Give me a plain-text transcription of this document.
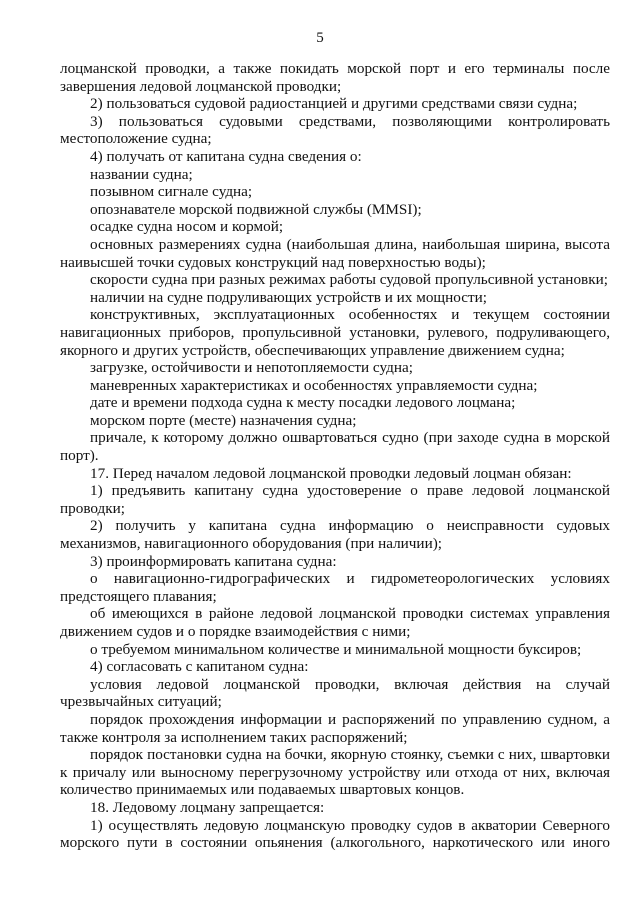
5

лоцманской проводки, а также покидать морской порт и его терминалы после завершения ледовой лоцманской проводки;

2) пользоваться судовой радиостанцией и другими средствами связи судна;

3) пользоваться судовыми средствами, позволяющими контролировать местоположение судна;

4) получать от капитана судна сведения о:

названии судна;

позывном сигнале судна;

опознавателе морской подвижной службы (MMSI);

осадке судна носом и кормой;

основных размерениях судна (наибольшая длина, наибольшая ширина, высота наивысшей точки судовых конструкций над поверхностью воды);

скорости судна при разных режимах работы судовой пропульсивной установки;

наличии на судне подруливающих устройств и их мощности;

конструктивных, эксплуатационных особенностях и текущем состоянии навигационных приборов, пропульсивной установки, рулевого, подруливающего, якорного и других устройств, обеспечивающих управление движением судна;

загрузке, остойчивости и непотопляемости судна;

маневренных характеристиках и особенностях управляемости судна;

дате и времени подхода судна к месту посадки ледового лоцмана;

морском порте (месте) назначения судна;

причале, к которому должно ошвартоваться судно (при заходе судна в морской порт).

17. Перед началом ледовой лоцманской проводки ледовый лоцман обязан:

1) предъявить капитану судна удостоверение о праве ледовой лоцманской проводки;

2) получить у капитана судна информацию о неисправности судовых механизмов, навигационного оборудования (при наличии);

3) проинформировать капитана судна:

о навигационно-гидрографических и гидрометеорологических условиях предстоящего плавания;

об имеющихся в районе ледовой лоцманской проводки системах управления движением судов и о порядке взаимодействия с ними;

о требуемом минимальном количестве и минимальной мощности буксиров;

4) согласовать с капитаном судна:

условия ледовой лоцманской проводки, включая действия на случай чрезвычайных ситуаций;

порядок прохождения информации и распоряжений по управлению судном, а также контроля за исполнением таких распоряжений;

порядок постановки судна на бочки, якорную стоянку, съемки с них, швартовки к причалу или выносному перегрузочному устройству или отхода от них, включая количество принимаемых или подаваемых швартовых концов.

18. Ледовому лоцману запрещается:

1) осуществлять ледовую лоцманскую проводку судов в акватории Северного морского пути в состоянии опьянения (алкогольного, наркотического или иного
